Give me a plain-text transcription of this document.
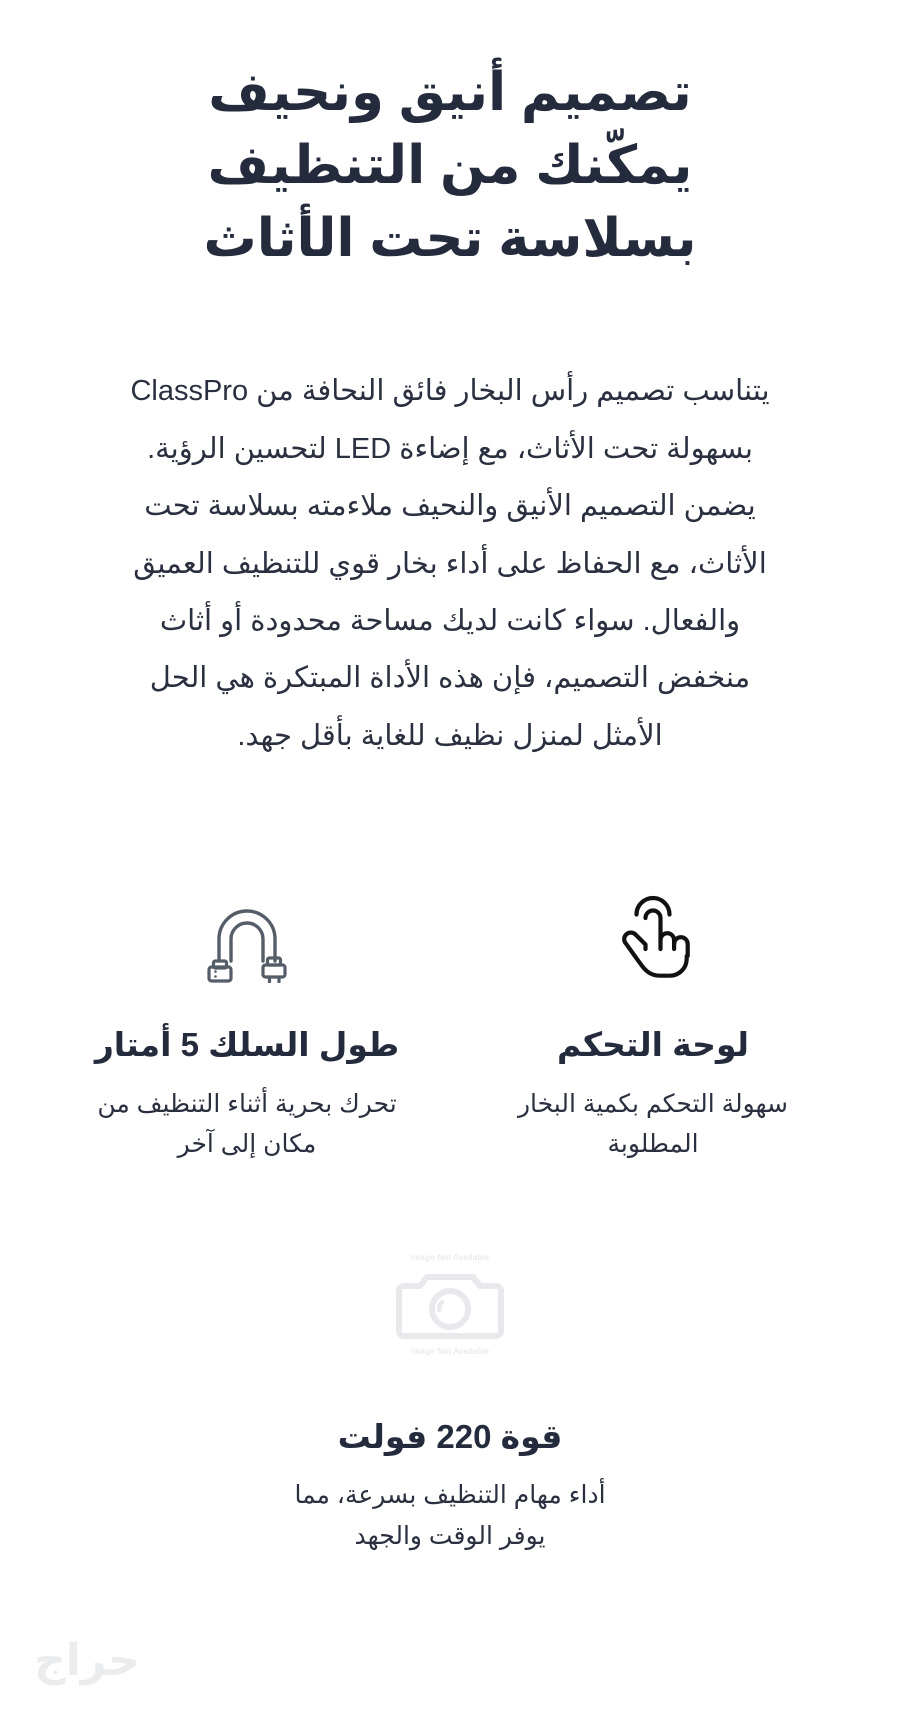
تصميم أنيق ونحيف يمكّنك من التنظيف بسلاسة تحت الأثاث

يتناسب تصميم رأس البخار فائق النحافة من ClassPro بسهولة تحت الأثاث، مع إضاءة LED لتحسين الرؤية. يضمن التصميم الأنيق والنحيف ملاءمته بسلاسة تحت الأثاث، مع الحفاظ على أداء بخار قوي للتنظيف العميق والفعال. سواء كانت لديك مساحة محدودة أو أثاث منخفض التصميم، فإن هذه الأداة المبتكرة هي الحل الأمثل لمنزل نظيف للغاية بأقل جهد.

لوحة التحكم
سهولة التحكم بكمية البخار المطلوبة
طول السلك 5 أمتار
تحرك بحرية أثناء التنظيف من مكان إلى آخر
Image Not Available
Image Not Available
قوة 220 فولت
أداء مهام التنظيف بسرعة، مما يوفر الوقت والجهد
حراج
